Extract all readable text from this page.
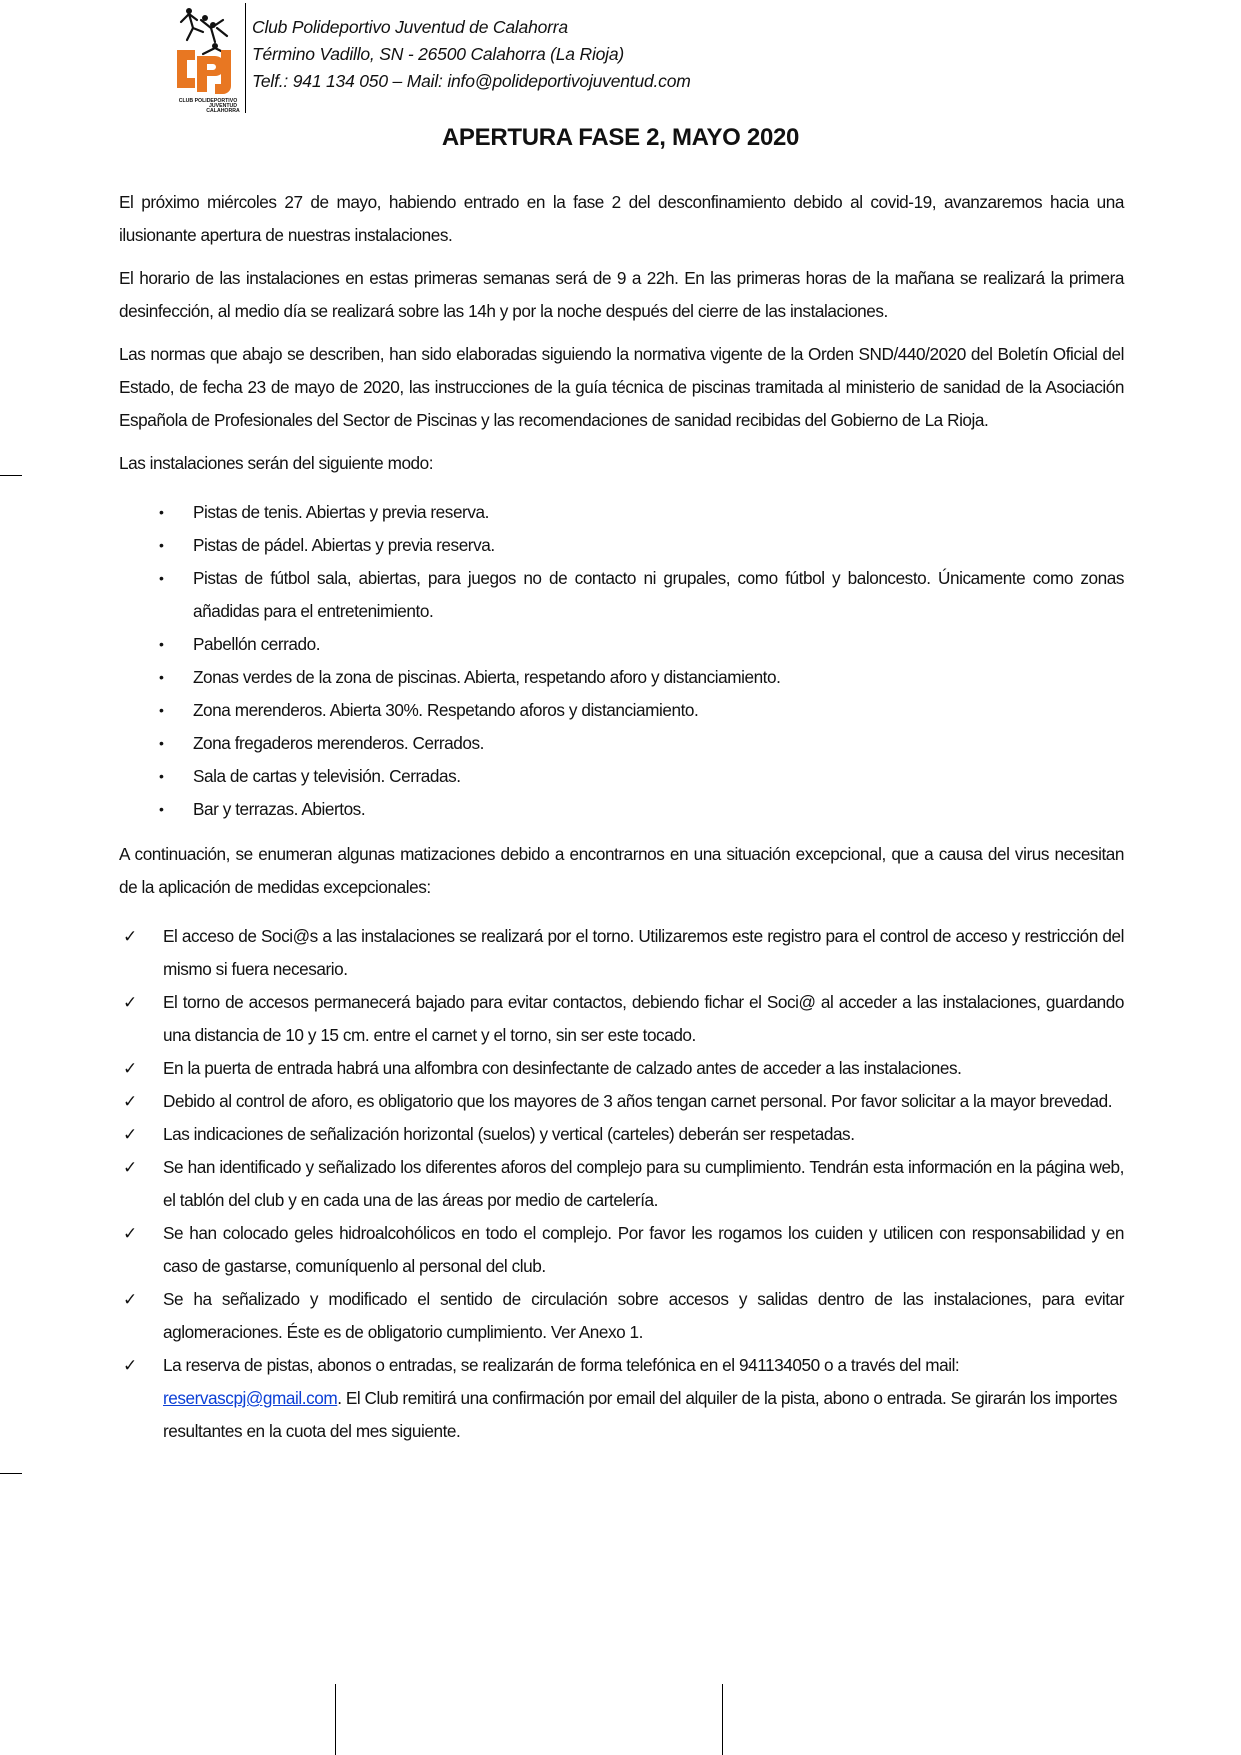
CLUB POLIDEPORTIVO
JUVENTUD
CALAHORRA
Club Polideportivo Juventud de Calahorra
Término Vadillo, SN - 26500 Calahorra (La Rioja)
Telf.: 941 134 050 – Mail: info@polideportivojuventud.com
APERTURA FASE 2, MAYO 2020

El próximo miércoles 27 de mayo, habiendo entrado en la fase 2 del desconfinamiento debido al covid-19, avanzaremos hacia una ilusionante apertura de nuestras instalaciones.

El horario de las instalaciones en estas primeras semanas será de 9 a 22h. En las primeras horas de la mañana se realizará la primera desinfección, al medio día se realizará sobre las 14h y por la noche después del cierre de las instalaciones.

Las normas que abajo se describen, han sido elaboradas siguiendo la normativa vigente de la Orden SND/440/2020 del Boletín Oficial del Estado, de fecha 23 de mayo de 2020, las instrucciones de la guía técnica de piscinas tramitada al ministerio de sanidad de la Asociación Española de Profesionales del Sector de Piscinas y las recomendaciones de sanidad recibidas del Gobierno de La Rioja.

Las instalaciones serán del siguiente modo:

• Pistas de tenis. Abiertas y previa reserva.
• Pistas de pádel. Abiertas y previa reserva.
• Pistas de fútbol sala, abiertas, para juegos no de contacto ni grupales, como fútbol y baloncesto. Únicamente como zonas añadidas para el entretenimiento.
• Pabellón cerrado.
• Zonas verdes de la zona de piscinas. Abierta, respetando aforo y distanciamiento.
• Zona merenderos. Abierta 30%. Respetando aforos y distanciamiento.
• Zona fregaderos merenderos. Cerrados.
• Sala de cartas y televisión. Cerradas.
• Bar y terrazas. Abiertos.

A continuación, se enumeran algunas matizaciones debido a encontrarnos en una situación excepcional, que a causa del virus necesitan de la aplicación de medidas excepcionales:

✓ El acceso de Soci@s a las instalaciones se realizará por el torno. Utilizaremos este registro para el control de acceso y restricción del mismo si fuera necesario.
✓ El torno de accesos permanecerá bajado para evitar contactos, debiendo fichar el Soci@ al acceder a las instalaciones, guardando una distancia de 10 y 15 cm. entre el carnet y el torno, sin ser este tocado.
✓ En la puerta de entrada habrá una alfombra con desinfectante de calzado antes de acceder a las instalaciones.
✓ Debido al control de aforo, es obligatorio que los mayores de 3 años tengan carnet personal. Por favor solicitar a la mayor brevedad.
✓ Las indicaciones de señalización horizontal (suelos) y vertical (carteles) deberán ser respetadas.
✓ Se han identificado y señalizado los diferentes aforos del complejo para su cumplimiento. Tendrán esta información en la página web, el tablón del club y en cada una de las áreas por medio de cartelería.
✓ Se han colocado geles hidroalcohólicos en todo el complejo. Por favor les rogamos los cuiden y utilicen con responsabilidad y en caso de gastarse, comuníquenlo al personal del club.
✓ Se ha señalizado y modificado el sentido de circulación sobre accesos y salidas dentro de las instalaciones, para evitar aglomeraciones. Éste es de obligatorio cumplimiento. Ver Anexo 1.
✓ La reserva de pistas, abonos o entradas, se realizarán de forma telefónica en el 941134050 o a través del mail: reservascpj@gmail.com. El Club remitirá una confirmación por email del alquiler de la pista, abono o entrada. Se girarán los importes resultantes en la cuota del mes siguiente.
